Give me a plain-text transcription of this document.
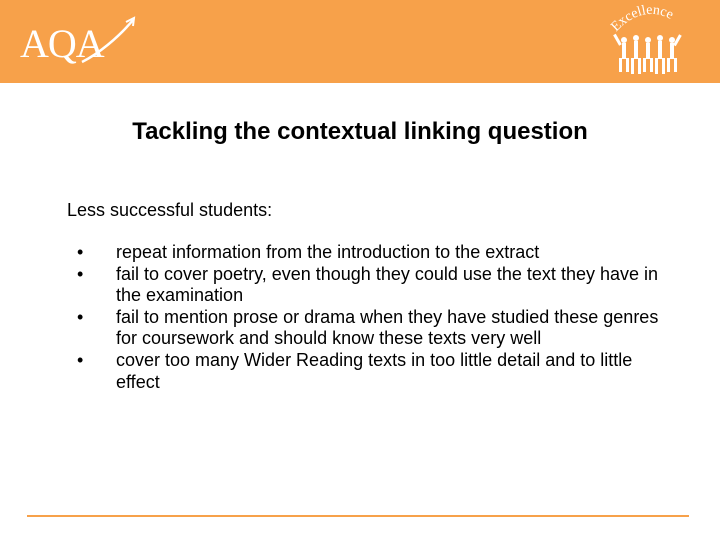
AQA	Excellence
Tackling the contextual linking question
Less successful students:
•	repeat information from the introduction to the extract
•	fail to cover poetry, even though they could use the text they have in the examination
•	fail to mention prose or drama when they have studied these genres for coursework and should know these texts very well
•	cover too many Wider Reading texts in too little detail and to little effect
